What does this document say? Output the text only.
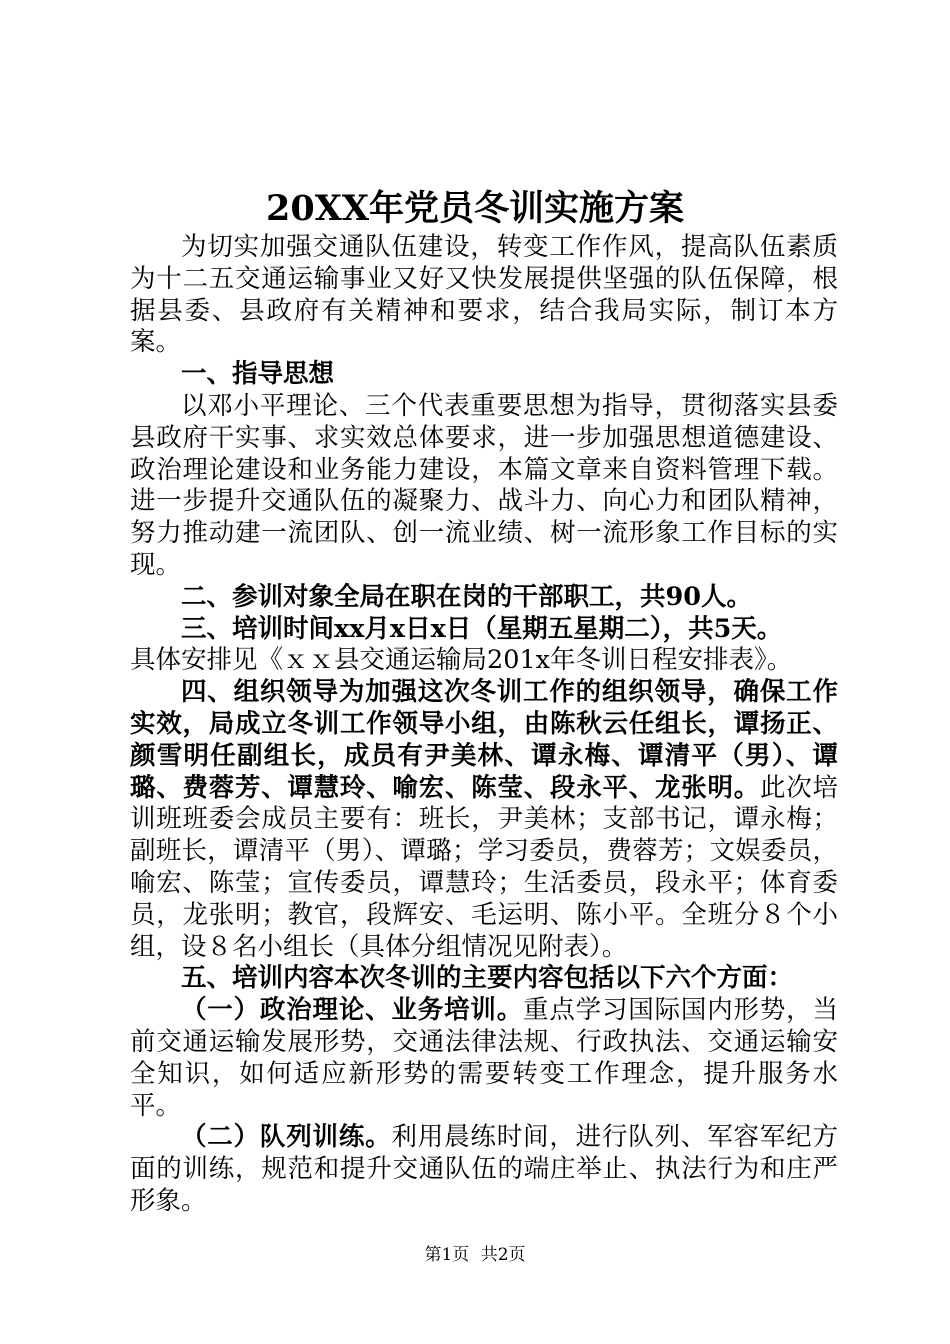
20XX年党员冬训实施方案

为切实加强交通队伍建设，转变工作作风，提高队伍素质为十二五交通运输事业又好又快发展提供坚强的队伍保障，根据县委、县政府有关精神和要求，结合我局实际，制订本方案。

一、指导思想

以邓小平理论、三个代表重要思想为指导，贯彻落实县委县政府干实事、求实效总体要求，进一步加强思想道德建设、政治理论建设和业务能力建设，本篇文章来自资料管理下载。进一步提升交通队伍的凝聚力、战斗力、向心力和团队精神，努力推动建一流团队、创一流业绩、树一流形象工作目标的实现。

二、参训对象全局在职在岗的干部职工，共90人。

三、培训时间xx月x日x日（星期五星期二），共5天。

具体安排见《ｘｘ县交通运输局201x年冬训日程安排表》。

四、组织领导为加强这次冬训工作的组织领导，确保工作实效，局成立冬训工作领导小组，由陈秋云任组长，谭扬正、颜雪明任副组长，成员有尹美林、谭永梅、谭清平（男）、谭璐、费蓉芳、谭慧玲、喻宏、陈莹、段永平、龙张明。此次培训班班委会成员主要有：班长，尹美林；支部书记，谭永梅；副班长，谭清平（男）、谭璐；学习委员，费蓉芳；文娱委员，喻宏、陈莹；宣传委员，谭慧玲；生活委员，段永平；体育委员，龙张明；教官，段辉安、毛运明、陈小平。全班分８个小组，设８名小组长（具体分组情况见附表）。

五、培训内容本次冬训的主要内容包括以下六个方面：

（一）政治理论、业务培训。重点学习国际国内形势，当前交通运输发展形势，交通法律法规、行政执法、交通运输安全知识，如何适应新形势的需要转变工作理念，提升服务水平。

（二）队列训练。利用晨练时间，进行队列、军容军纪方面的训练，规范和提升交通队伍的端庄举止、执法行为和庄严形象。

第1页 共2页
